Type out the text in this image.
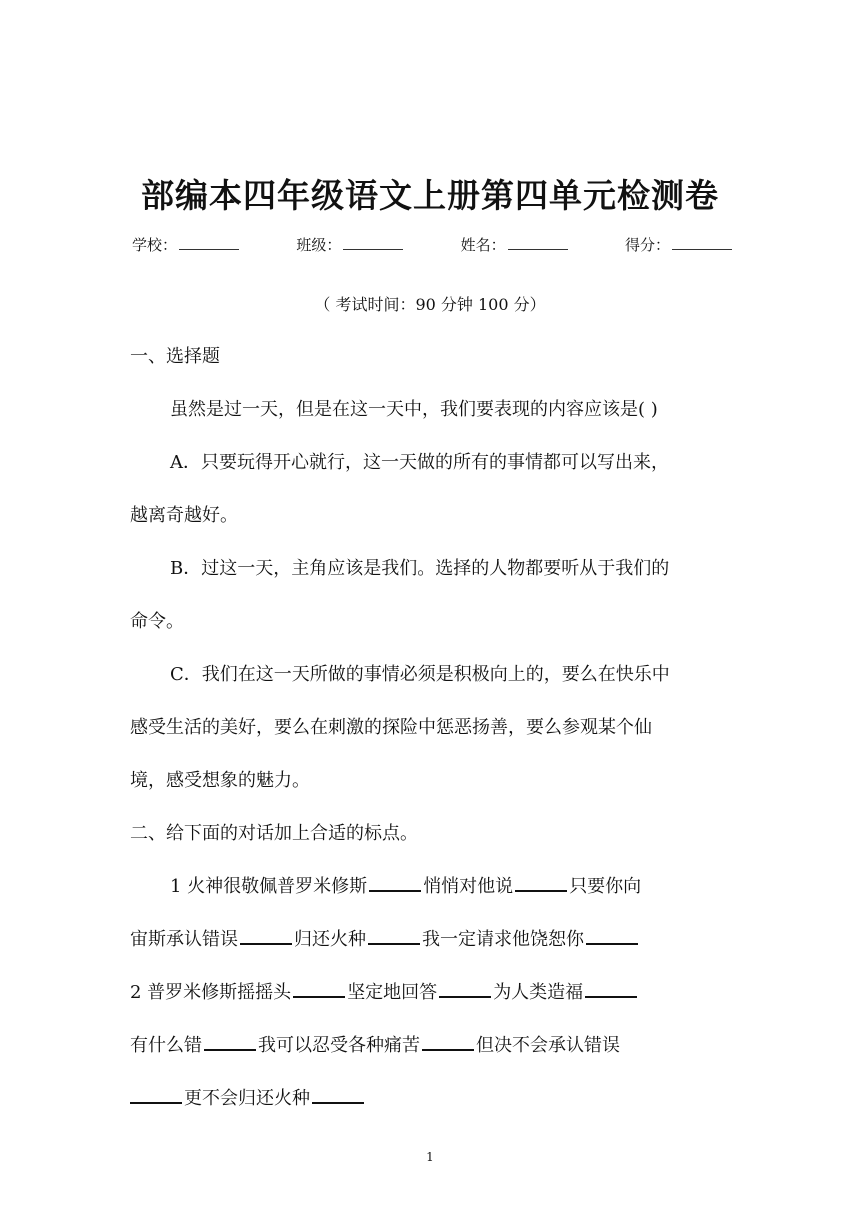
部编本四年级语文上册第四单元检测卷
学校：	班级：	姓名：	得分：
（ 考试时间：90 分钟 100 分）
一、选择题
虽然是过一天，但是在这一天中，我们要表现的内容应该是( )
A．只要玩得开心就行，这一天做的所有的事情都可以写出来，
越离奇越好。
B．过这一天，主角应该是我们。选择的人物都要听从于我们的
命令。
C．我们在这一天所做的事情必须是积极向上的，要么在快乐中
感受生活的美好，要么在刺激的探险中惩恶扬善，要么参观某个仙
境，感受想象的魅力。
二、给下面的对话加上合适的标点。
1 火神很敬佩普罗米修斯	悄悄对他说	只要你向
宙斯承认错误	归还火种	我一定请求他饶恕你
2 普罗米修斯摇摇头	坚定地回答	为人类造福
有什么错	我可以忍受各种痛苦	但决不会承认错误
更不会归还火种
1
